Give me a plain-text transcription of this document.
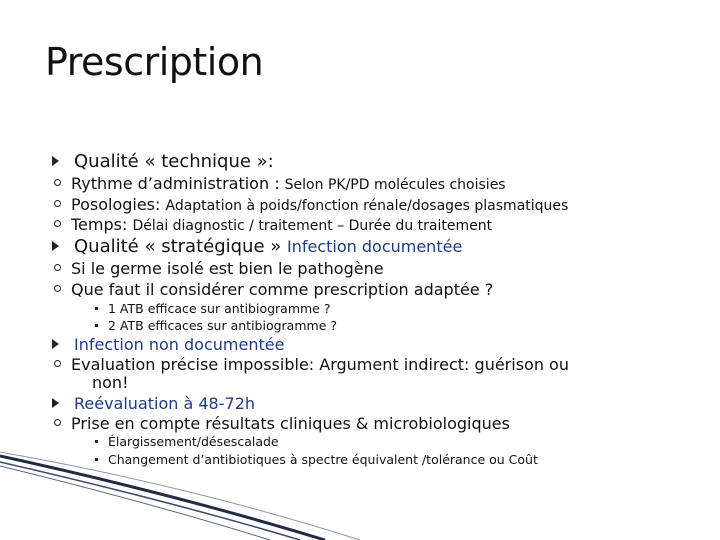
Prescription
Qualité « technique »:
Rythme d’administration : Selon PK/PD molécules choisies
Posologies: Adaptation à poids/fonction rénale/dosages plasmatiques
Temps: Délai diagnostic / traitement – Durée du traitement
Qualité « stratégique » Infection documentée
Si le germe isolé est bien le pathogène
Que faut il considérer comme prescription adaptée ?
1 ATB efficace sur antibiogramme ?
2 ATB efficaces sur antibiogramme ?
Infection non documentée
Evaluation précise impossible: Argument indirect: guérison ou
non!
Reévaluation à 48-72h
Prise en compte résultats cliniques & microbiologiques
Élargissement/désescalade
Changement d’antibiotiques à spectre équivalent /tolérance ou Coût
